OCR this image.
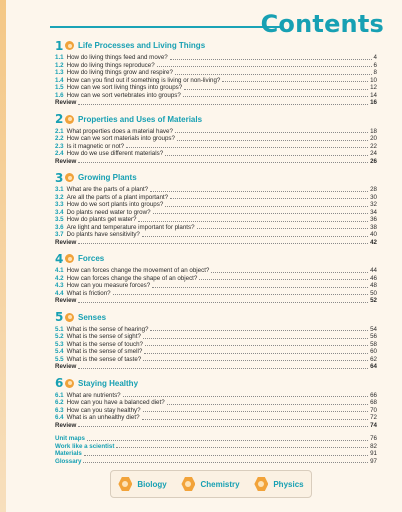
Contents
1 Life Processes and Living Things
1.1 How do living things feed and move?	4
1.2 How do living things reproduce?	6
1.3 How do living things grow and respire?	8
1.4 How can you find out if something is living or non-living?	10
1.5 How can we sort living things into groups?	12
1.6 How can we sort vertebrates into groups?	14
Review	16
2 Properties and Uses of Materials
2.1 What properties does a material have?	18
2.2 How can we sort materials into groups?	20
2.3 Is it magnetic or not?	22
2.4 How do we use different materials?	24
Review	26
3 Growing Plants
3.1 What are the parts of a plant?	28
3.2 Are all the parts of a plant important?	30
3.3 How do we sort plants into groups?	32
3.4 Do plants need water to grow?	34
3.5 How do plants get water?	36
3.6 Are light and temperature important for plants?	38
3.7 Do plants have sensitivity?	40
Review	42
4 Forces
4.1 How can forces change the movement of an object?	44
4.2 How can forces change the shape of an object?	46
4.3 How can you measure forces?	48
4.4 What is friction?	50
Review	52
5 Senses
5.1 What is the sense of hearing?	54
5.2 What is the sense of sight?	56
5.3 What is the sense of touch?	58
5.4 What is the sense of smell?	60
5.5 What is the sense of taste?	62
Review	64
6 Staying Healthy
6.1 What are nutrients?	66
6.2 How can you have a balanced diet?	68
6.3 How can you stay healthy?	70
6.4 What is an unhealthy diet?	72
Review	74
Unit maps	76
Work like a scientist	82
Materials	91
Glossary	97
Biology	Chemistry	Physics
